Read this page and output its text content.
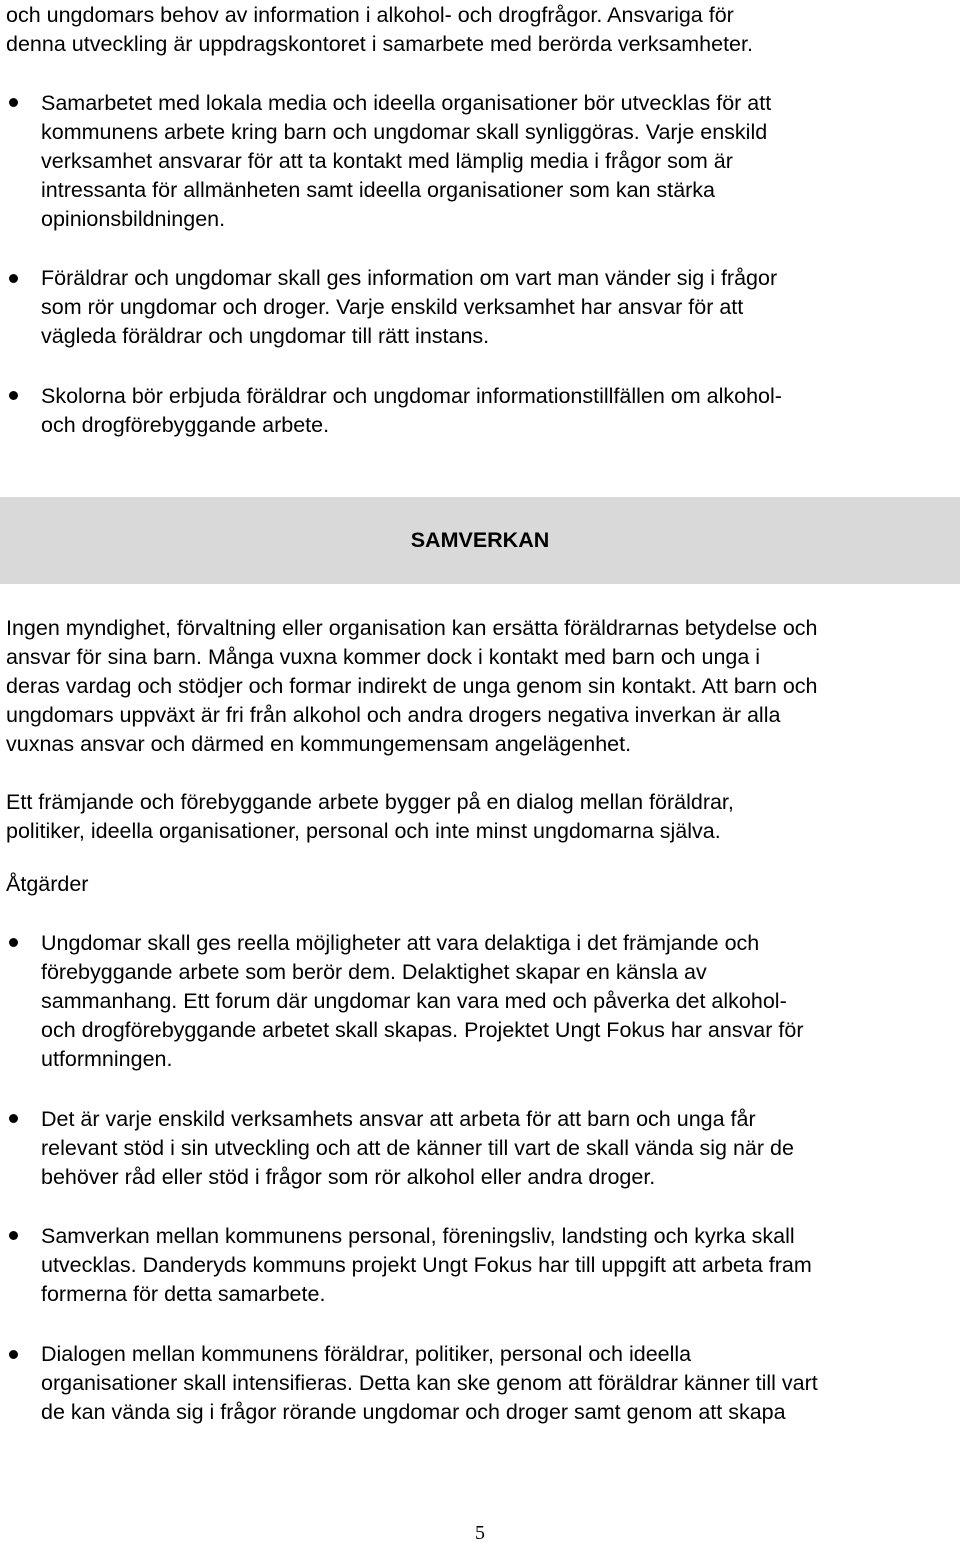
och ungdomars behov av information i alkohol- och drogfrågor. Ansvariga för
denna utveckling är uppdragskontoret i samarbete med berörda verksamheter.

Samarbetet med lokala media och ideella organisationer bör utvecklas för att
kommunens arbete kring barn och ungdomar skall synliggöras. Varje enskild
verksamhet ansvarar för att ta kontakt med lämplig media i frågor som är
intressanta för allmänheten samt ideella organisationer som kan stärka
opinionsbildningen.

Föräldrar och ungdomar skall ges information om vart man vänder sig i frågor
som rör ungdomar och droger. Varje enskild verksamhet har ansvar för att
vägleda föräldrar och ungdomar till rätt instans.

Skolorna bör erbjuda föräldrar och ungdomar informationstillfällen om alkohol-
och drogförebyggande arbete.

SAMVERKAN

Ingen myndighet, förvaltning eller organisation kan ersätta föräldrarnas betydelse och
ansvar för sina barn. Många vuxna kommer dock i kontakt med barn och unga i
deras vardag och stödjer och formar indirekt de unga genom sin kontakt. Att barn och
ungdomars uppväxt är fri från alkohol och andra drogers negativa inverkan är alla
vuxnas ansvar och därmed en kommungemensam angelägenhet.

Ett främjande och förebyggande arbete bygger på en dialog mellan föräldrar,
politiker, ideella organisationer, personal och inte minst ungdomarna själva.

Åtgärder

Ungdomar skall ges reella möjligheter att vara delaktiga i det främjande och
förebyggande arbete som berör dem. Delaktighet skapar en känsla av
sammanhang. Ett forum där ungdomar kan vara med och påverka det alkohol-
och drogförebyggande arbetet skall skapas. Projektet Ungt Fokus har ansvar för
utformningen.

Det är varje enskild verksamhets ansvar att arbeta för att barn och unga får
relevant stöd i sin utveckling och att de känner till vart de skall vända sig när de
behöver råd eller stöd i frågor som rör alkohol eller andra droger.

Samverkan mellan kommunens personal, föreningsliv, landsting och kyrka skall
utvecklas. Danderyds kommuns projekt Ungt Fokus har till uppgift att arbeta fram
formerna för detta samarbete.

Dialogen mellan kommunens föräldrar, politiker, personal och ideella
organisationer skall intensifieras. Detta kan ske genom att föräldrar känner till vart
de kan vända sig i frågor rörande ungdomar och droger samt genom att skapa

5
